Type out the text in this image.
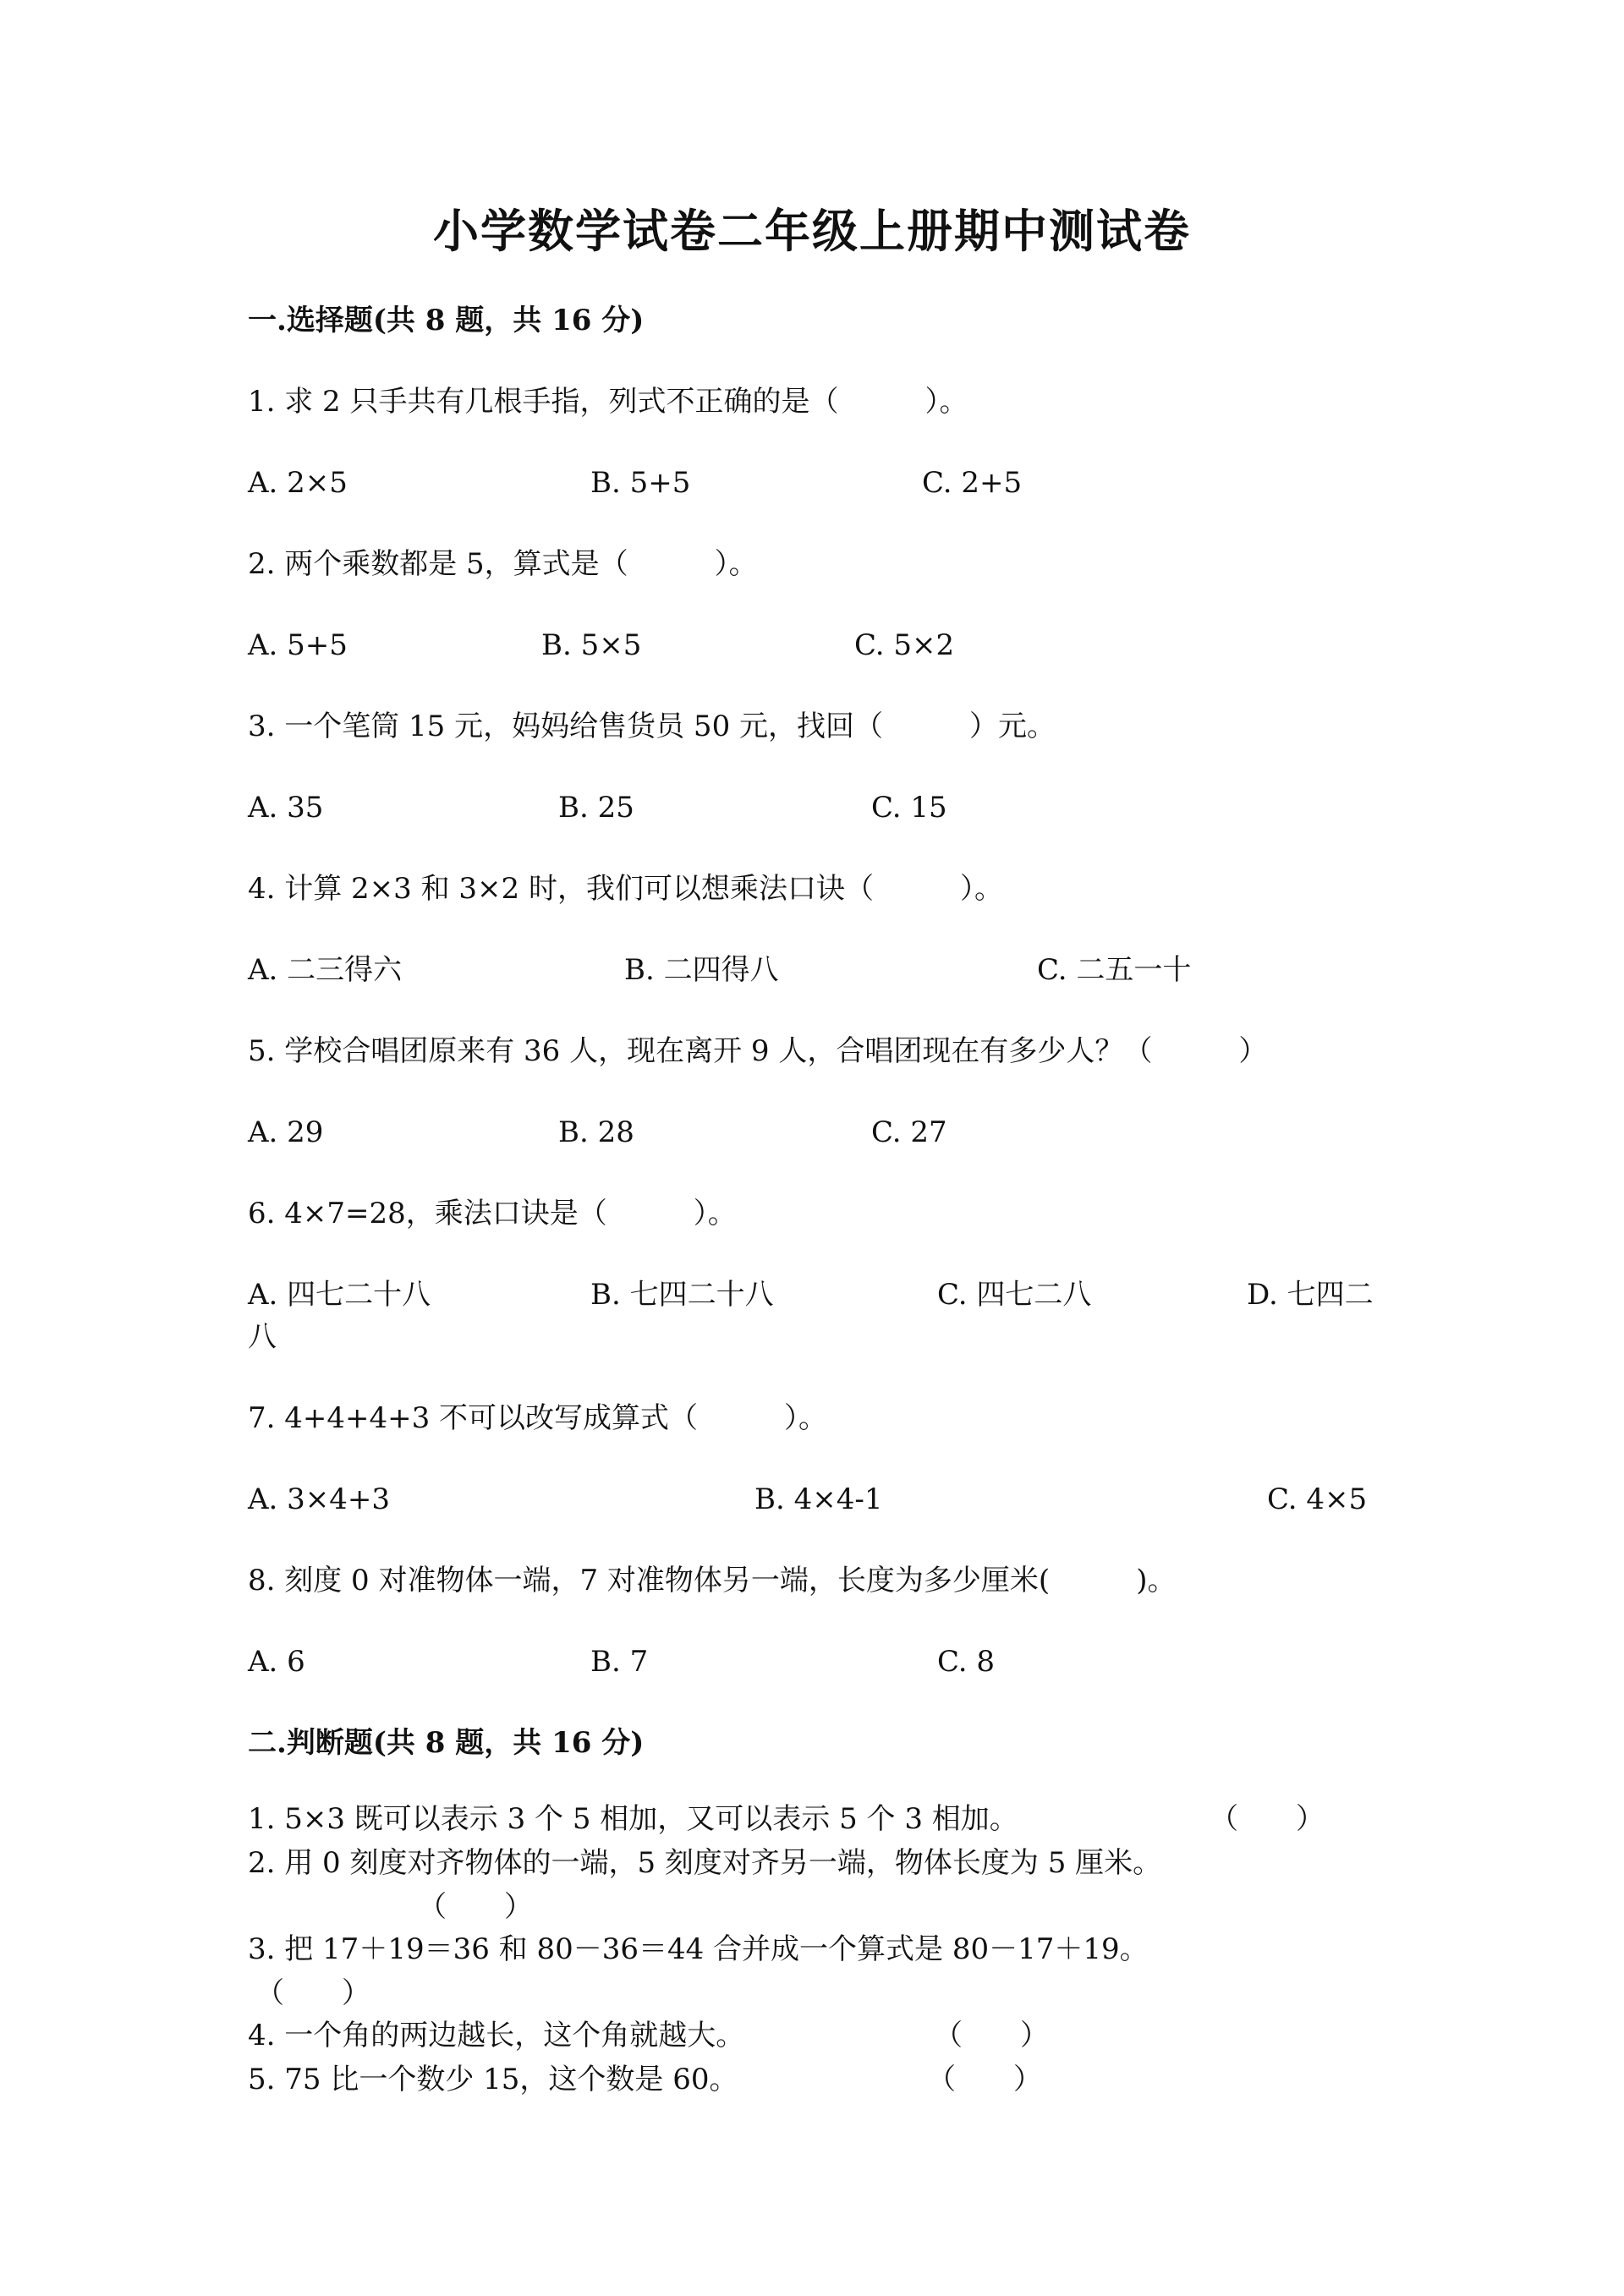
小学数学试卷二年级上册期中测试卷
一.选择题(共 8 题，共 16 分)
1. 求 2 只手共有几根手指，列式不正确的是（　　　）。
A. 2×5	B. 5+5	C. 2+5
2. 两个乘数都是 5，算式是（　　　）。
A. 5+5	B. 5×5	C. 5×2
3. 一个笔筒 15 元，妈妈给售货员 50 元，找回（　　　）元。
A. 35	B. 25	C. 15
4. 计算 2×3 和 3×2 时，我们可以想乘法口诀（　　　）。
A. 二三得六	B. 二四得八	C. 二五一十
5. 学校合唱团原来有 36 人，现在离开 9 人，合唱团现在有多少人？（　　　）
A. 29	B. 28	C. 27
6. 4×7=28，乘法口诀是（　　　）。
A. 四七二十八	B. 七四二十八	C. 四七二八	D. 七四二
八
7. 4+4+4+3 不可以改写成算式（　　　）。
A. 3×4+3	B. 4×4-1	C. 4×5
8. 刻度 0 对准物体一端，7 对准物体另一端，长度为多少厘米(　　　)。
A. 6	B. 7	C. 8
二.判断题(共 8 题，共 16 分)
1. 5×3 既可以表示 3 个 5 相加，又可以表示 5 个 3 相加。	（　　）
2. 用 0 刻度对齐物体的一端，5 刻度对齐另一端，物体长度为 5 厘米。
（　　）
3. 把 17＋19＝36 和 80－36＝44 合并成一个算式是 80－17＋19。
（　　）
4. 一个角的两边越长，这个角就越大。	（　　）
5. 75 比一个数少 15，这个数是 60。	（　　）
